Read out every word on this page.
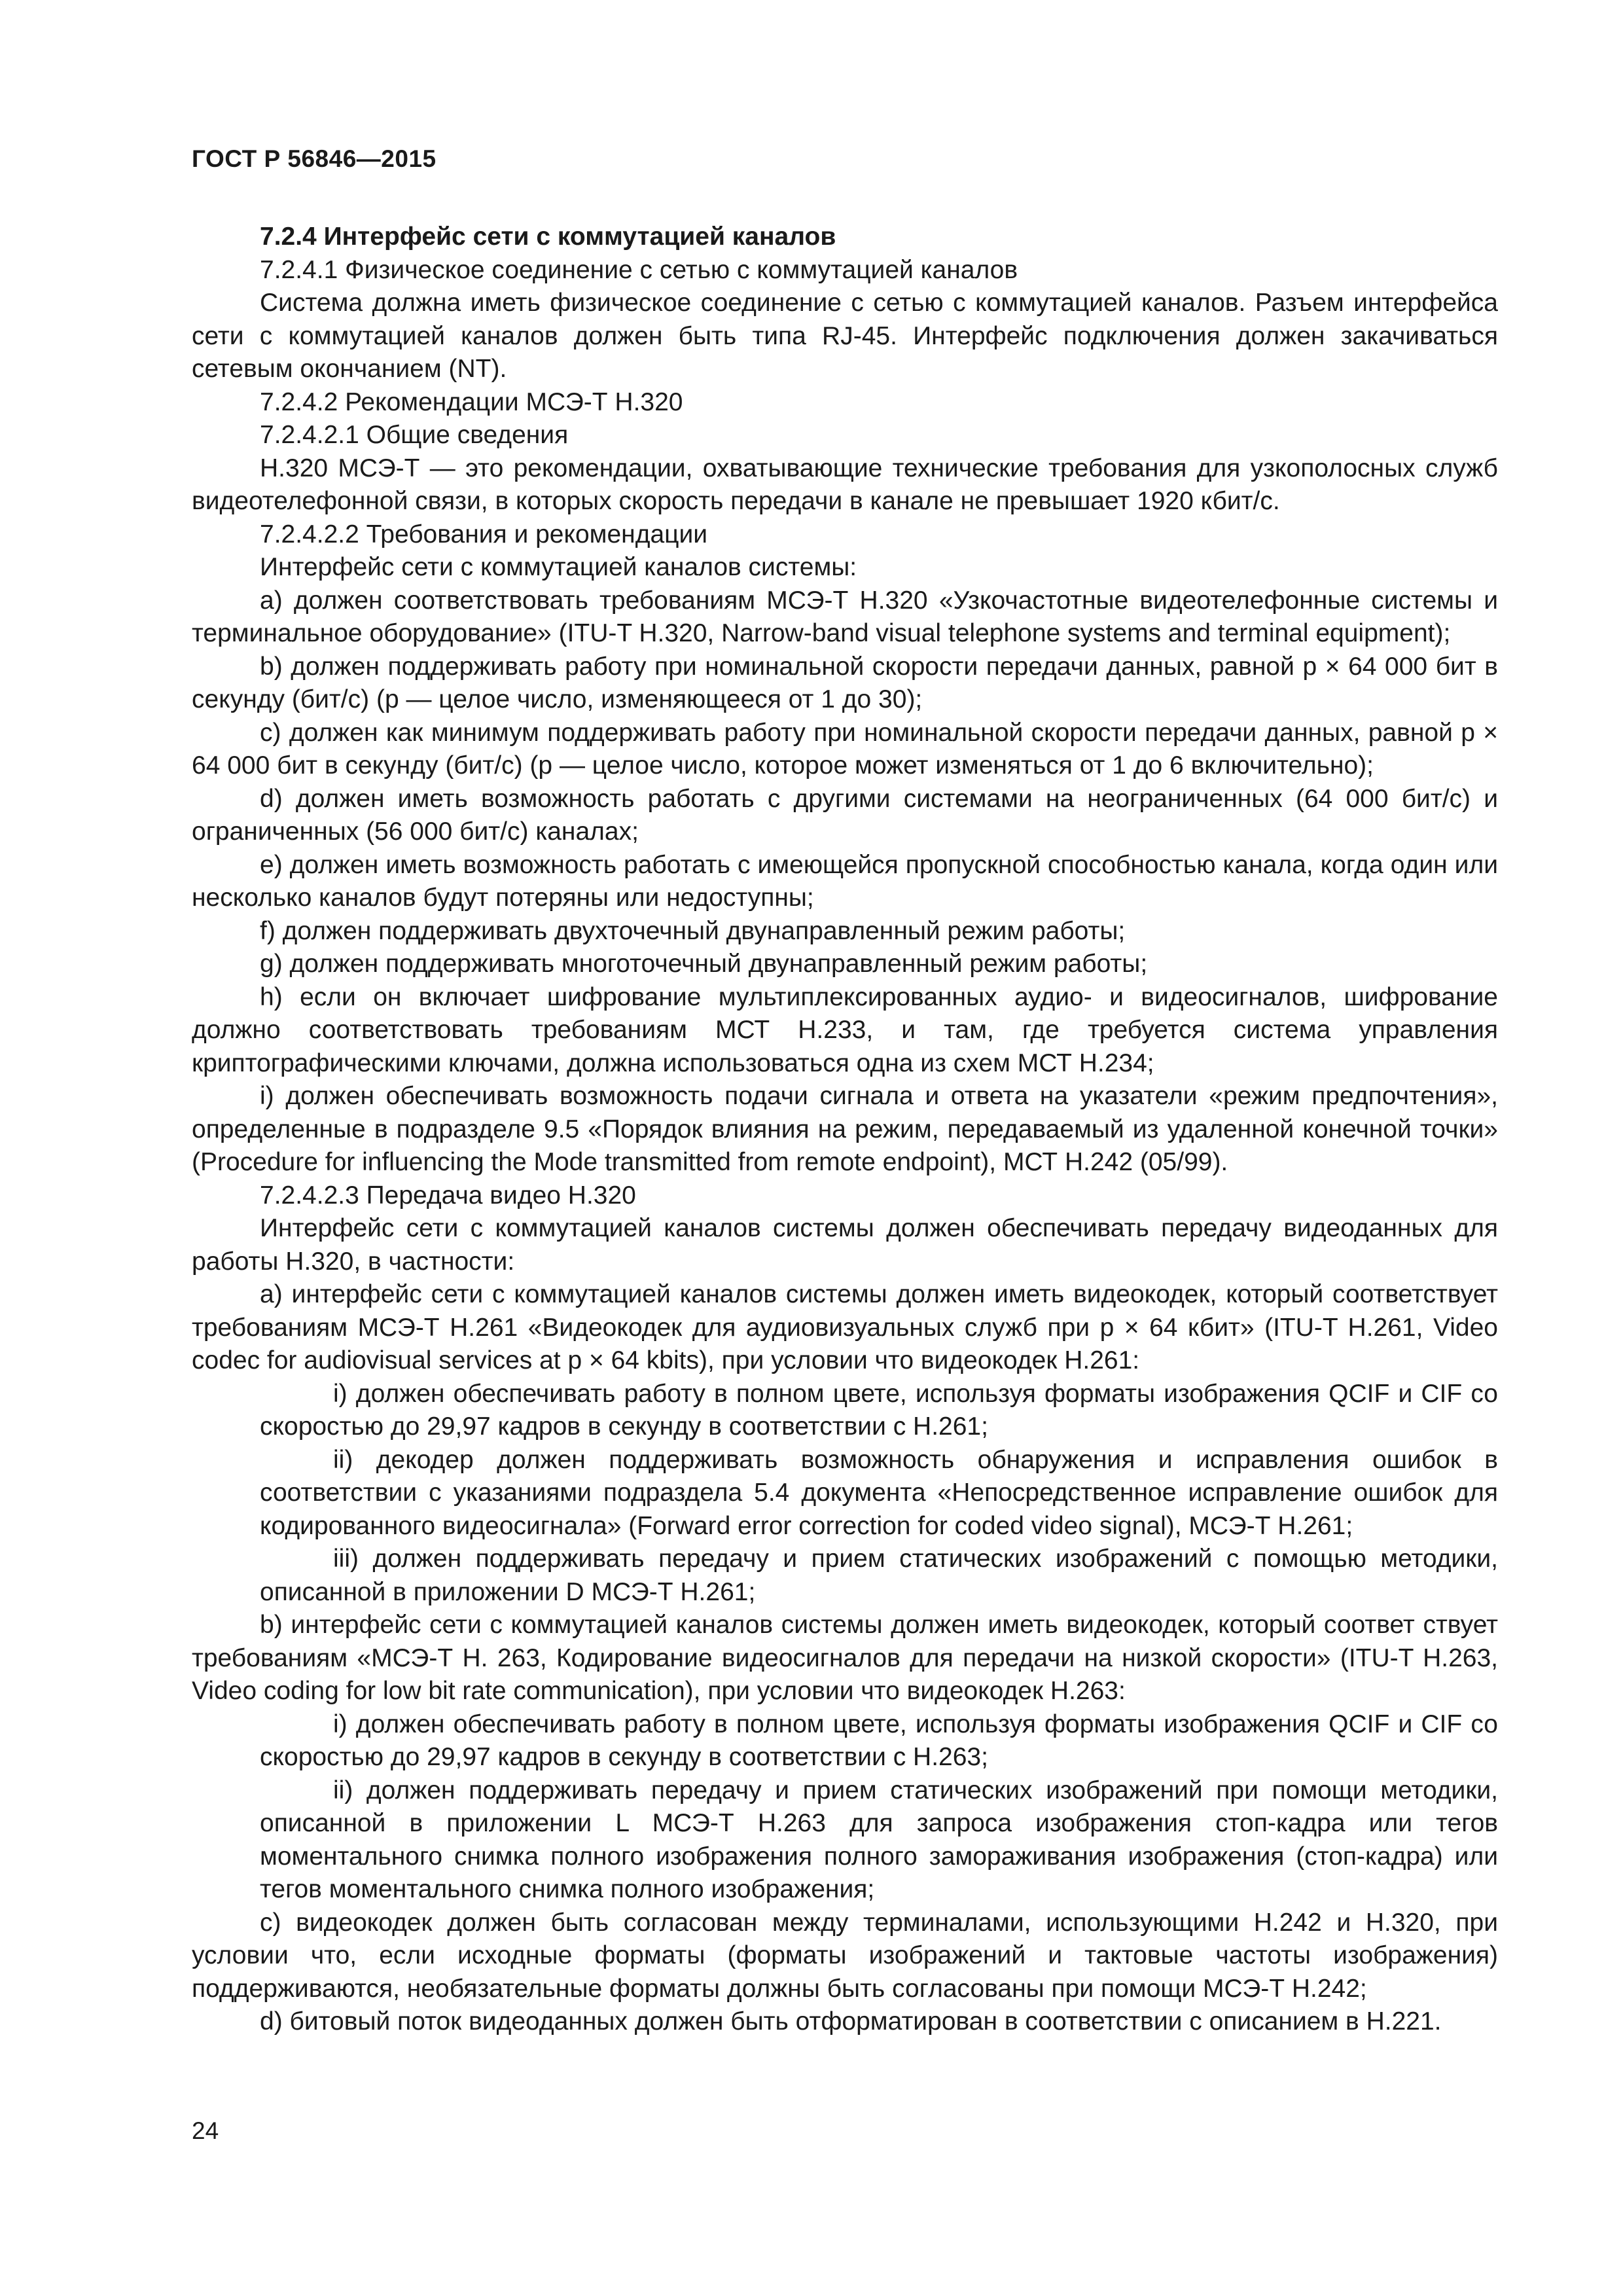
ГОСТ Р 56846—2015

7.2.4 Интерфейс сети с коммутацией каналов

7.2.4.1 Физическое соединение с сетью с коммутацией каналов

Система должна иметь физическое соединение с сетью с коммутацией каналов. Разъем интерфейса сети с коммутацией каналов должен быть типа RJ-45. Интерфейс подключения должен закачиваться сетевым окончанием (NT).

7.2.4.2 Рекомендации МСЭ-Т Н.320

7.2.4.2.1 Общие сведения

Н.320 МСЭ-Т — это рекомендации, охватывающие технические требования для узкополосных служб видеотелефонной связи, в которых скорость передачи в канале не превышает 1920 кбит/с.

7.2.4.2.2 Требования и рекомендации

Интерфейс сети с коммутацией каналов системы:

а) должен соответствовать требованиям МСЭ-Т Н.320 «Узкочастотные видеотелефонные системы и терминальное оборудование» (ITU-T H.320, Narrow-band visual telephone systems and terminal equipment);

b) должен поддерживать работу при номинальной скорости передачи данных, равной p × 64 000 бит в секунду (бит/с) (p — целое число, изменяющееся от 1 до 30);

c) должен как минимум поддерживать работу при номинальной скорости передачи данных, равной p × 64 000 бит в секунду (бит/с) (p — целое число, которое может изменяться от 1 до 6 включительно);

d) должен иметь возможность работать с другими системами на неограниченных (64 000 бит/с) и ограниченных (56 000 бит/с) каналах;

e) должен иметь возможность работать с имеющейся пропускной способностью канала, когда один или несколько каналов будут потеряны или недоступны;

f) должен поддерживать двухточечный двунаправленный режим работы;

g) должен поддерживать многоточечный двунаправленный режим работы;

h) если он включает шифрование мультиплексированных аудио- и видеосигналов, шифрование должно соответствовать требованиям МСТ Н.233, и там, где требуется система управления криптографическими ключами, должна использоваться одна из схем МСТ Н.234;

i) должен обеспечивать возможность подачи сигнала и ответа на указатели «режим предпочтения», определенные в подразделе 9.5 «Порядок влияния на режим, передаваемый из удаленной конечной точки» (Procedure for influencing the Mode transmitted from remote endpoint), МСТ Н.242 (05/99).

7.2.4.2.3 Передача видео Н.320

Интерфейс сети с коммутацией каналов системы должен обеспечивать передачу видеоданных для работы Н.320, в частности:

а) интерфейс сети с коммутацией каналов системы должен иметь видеокодек, который соответствует требованиям МСЭ-Т Н.261 «Видеокодек для аудиовизуальных служб при p × 64 кбит» (ITU-T H.261, Video codec for audiovisual services at p × 64 kbits), при условии что видеокодек Н.261:

i) должен обеспечивать работу в полном цвете, используя форматы изображения QCIF и CIF со скоростью до 29,97 кадров в секунду в соответствии с Н.261;

ii) декодер должен поддерживать возможность обнаружения и исправления ошибок в соответствии с указаниями подраздела 5.4 документа «Непосредственное исправление ошибок для кодированного видеосигнала» (Forward error correction for coded video signal), МСЭ-Т Н.261;

iii) должен поддерживать передачу и прием статических изображений с помощью методики, описанной в приложении D МСЭ-Т Н.261;

b) интерфейс сети с коммутацией каналов системы должен иметь видеокодек, который соответ ствует требованиям «МСЭ-Т Н. 263, Кодирование видеосигналов для передачи на низкой скорости» (ITU-T H.263, Video coding for low bit rate communication), при условии что видеокодек Н.263:

i) должен обеспечивать работу в полном цвете, используя форматы изображения QCIF и CIF со скоростью до 29,97 кадров в секунду в соответствии с Н.263;

ii) должен поддерживать передачу и прием статических изображений при помощи методики, описанной в приложении L МСЭ-Т Н.263 для запроса изображения стоп-кадра или тегов моментального снимка полного изображения полного замораживания изображения (стоп-кадра) или тегов моментального снимка полного изображения;

c) видеокодек должен быть согласован между терминалами, использующими Н.242 и Н.320, при условии что, если исходные форматы (форматы изображений и тактовые частоты изображения) поддерживаются, необязательные форматы должны быть согласованы при помощи МСЭ-Т Н.242;

d) битовый поток видеоданных должен быть отформатирован в соответствии с описанием в Н.221.

24
